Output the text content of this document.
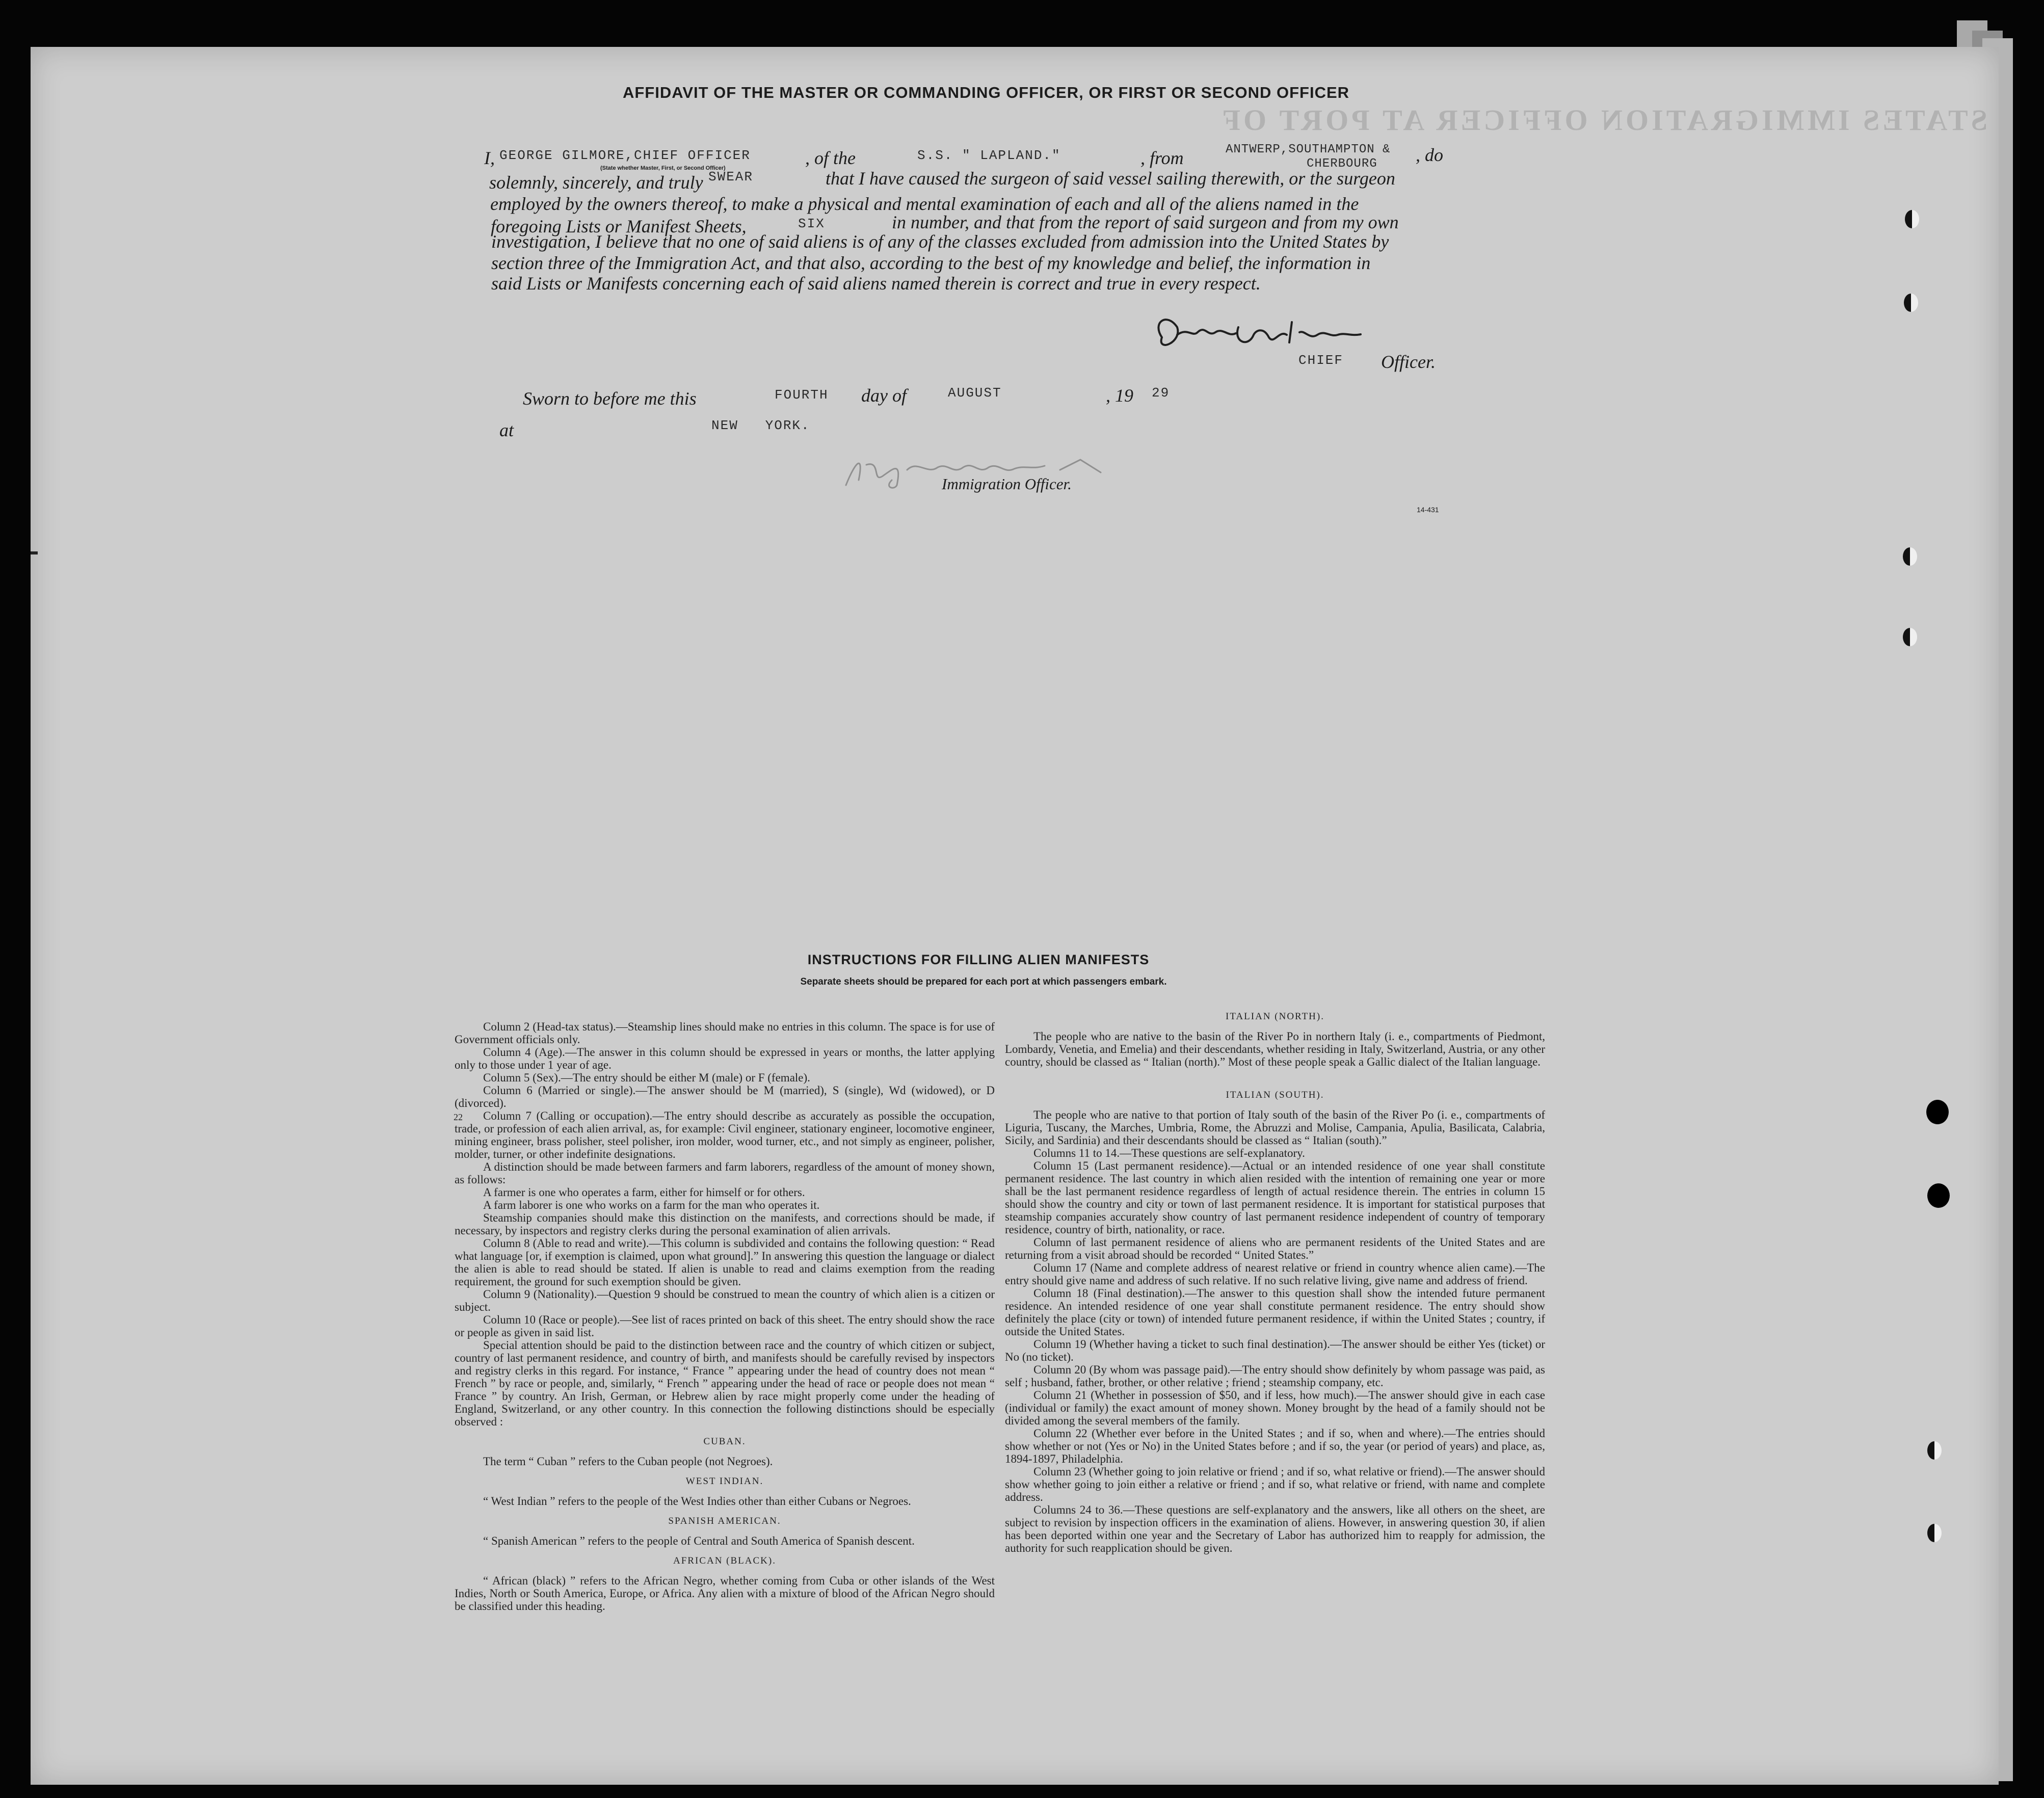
STATES IMMIGRATION OFFICER AT PORT OF
AFFIDAVIT OF THE MASTER OR COMMANDING OFFICER, OR FIRST OR SECOND OFFICER
I, GEORGE GILMORE,CHIEF OFFICER
(State whether Master, First, or Second Officer)	, of the	S.S. " LAPLAND."	, from	ANTWERP,SOUTHAMPTON &
CHERBOURG , do
solemnly, sincerely, and truly SWEAR	that I have caused the surgeon of said vessel sailing therewith, or the surgeon
employed by the owners thereof, to make a physical and mental examination of each and all of the aliens named in the
foregoing Lists or Manifest Sheets,	SIX	in number, and that from the report of said surgeon and from my own
investigation, I believe that no one of said aliens is of any of the classes excluded from admission into the United States by
section three of the Immigration Act, and that also, according to the best of my knowledge and belief, the information in
said Lists or Manifests concerning each of said aliens named therein is correct and true in every respect.
CHIEF Officer.
Sworn to before me this	FOURTH day of	AUGUST	, 19 29
at	NEW   YORK.
Immigration Officer.
14-431
INSTRUCTIONS FOR FILLING ALIEN MANIFESTS
Separate sheets should be prepared for each port at which passengers embark.
22

Column 2 (Head-tax status).—Steamship lines should make no entries in this column. The space is for use of Government officials only.

Column 4 (Age).—The answer in this column should be expressed in years or months, the latter applying only to those under 1 year of age.

Column 5 (Sex).—The entry should be either M (male) or F (female).

Column 6 (Married or single).—The answer should be M (married), S (single), Wd (widowed), or D (divorced).

Column 7 (Calling or occupation).—The entry should describe as accurately as possible the occupation, trade, or profession of each alien arrival, as, for example: Civil engineer, stationary engineer, locomotive engineer, mining engineer, brass polisher, steel polisher, iron molder, wood turner, etc., and not simply as engineer, polisher, molder, turner, or other indefinite designations.

A distinction should be made between farmers and farm laborers, regardless of the amount of money shown, as follows:

A farmer is one who operates a farm, either for himself or for others.

A farm laborer is one who works on a farm for the man who operates it.

Steamship companies should make this distinction on the manifests, and corrections should be made, if necessary, by inspectors and registry clerks during the personal examination of alien arrivals.

Column 8 (Able to read and write).—This column is subdivided and contains the following question: “ Read what language [or, if exemption is claimed, upon what ground].” In answering this question the language or dialect the alien is able to read should be stated. If alien is unable to read and claims exemption from the reading requirement, the ground for such exemption should be given.

Column 9 (Nationality).—Question 9 should be construed to mean the country of which alien is a citizen or subject.

Column 10 (Race or people).—See list of races printed on back of this sheet. The entry should show the race or people as given in said list.

Special attention should be paid to the distinction between race and the country of which citizen or subject, country of last permanent residence, and country of birth, and manifests should be carefully revised by inspectors and registry clerks in this regard. For instance, “ France ” appearing under the head of country does not mean “ French ” by race or people, and, similarly, “ French ” appearing under the head of race or people does not mean “ France ” by country. An Irish, German, or Hebrew alien by race might properly come under the heading of England, Switzerland, or any other country. In this connection the following distinctions should be especially observed :

CUBAN.

The term “ Cuban ” refers to the Cuban people (not Negroes).

WEST INDIAN.

“ West Indian ” refers to the people of the West Indies other than either Cubans or Negroes.

SPANISH AMERICAN.

“ Spanish American ” refers to the people of Central and South America of Spanish descent.

AFRICAN (BLACK).

“ African (black) ” refers to the African Negro, whether coming from Cuba or other islands of the West Indies, North or South America, Europe, or Africa. Any alien with a mixture of blood of the African Negro should be classified under this heading.

ITALIAN (NORTH).

The people who are native to the basin of the River Po in northern Italy (i. e., compartments of Piedmont, Lombardy, Venetia, and Emelia) and their descendants, whether residing in Italy, Switzerland, Austria, or any other country, should be classed as “ Italian (north).” Most of these people speak a Gallic dialect of the Italian language.

ITALIAN (SOUTH).

The people who are native to that portion of Italy south of the basin of the River Po (i. e., compartments of Liguria, Tuscany, the Marches, Umbria, Rome, the Abruzzi and Molise, Campania, Apulia, Basilicata, Calabria, Sicily, and Sardinia) and their descendants should be classed as “ Italian (south).”

Columns 11 to 14.—These questions are self-explanatory.

Column 15 (Last permanent residence).—Actual or an intended residence of one year shall constitute permanent residence. The last country in which alien resided with the intention of remaining one year or more shall be the last permanent residence regardless of length of actual residence therein. The entries in column 15 should show the country and city or town of last permanent residence. It is important for statistical purposes that steamship companies accurately show country of last permanent residence independent of country of temporary residence, country of birth, nationality, or race.

Column of last permanent residence of aliens who are permanent residents of the United States and are returning from a visit abroad should be recorded “ United States.”

Column 17 (Name and complete address of nearest relative or friend in country whence alien came).—The entry should give name and address of such relative. If no such relative living, give name and address of friend.

Column 18 (Final destination).—The answer to this question shall show the intended future permanent residence. An intended residence of one year shall constitute permanent residence. The entry should show definitely the place (city or town) of intended future permanent residence, if within the United States ; country, if outside the United States.

Column 19 (Whether having a ticket to such final destination).—The answer should be either Yes (ticket) or No (no ticket).

Column 20 (By whom was passage paid).—The entry should show definitely by whom passage was paid, as self ; husband, father, brother, or other relative ; friend ; steamship company, etc.

Column 21 (Whether in possession of $50, and if less, how much).—The answer should give in each case (individual or family) the exact amount of money shown. Money brought by the head of a family should not be divided among the several members of the family.

Column 22 (Whether ever before in the United States ; and if so, when and where).—The entries should show whether or not (Yes or No) in the United States before ; and if so, the year (or period of years) and place, as, 1894-1897, Philadelphia.

Column 23 (Whether going to join relative or friend ; and if so, what relative or friend).—The answer should show whether going to join either a relative or friend ; and if so, what relative or friend, with name and complete address.

Columns 24 to 36.—These questions are self-explanatory and the answers, like all others on the sheet, are subject to revision by inspection officers in the examination of aliens. However, in answering question 30, if alien has been deported within one year and the Secretary of Labor has authorized him to reapply for admission, the authority for such reapplication should be given.
